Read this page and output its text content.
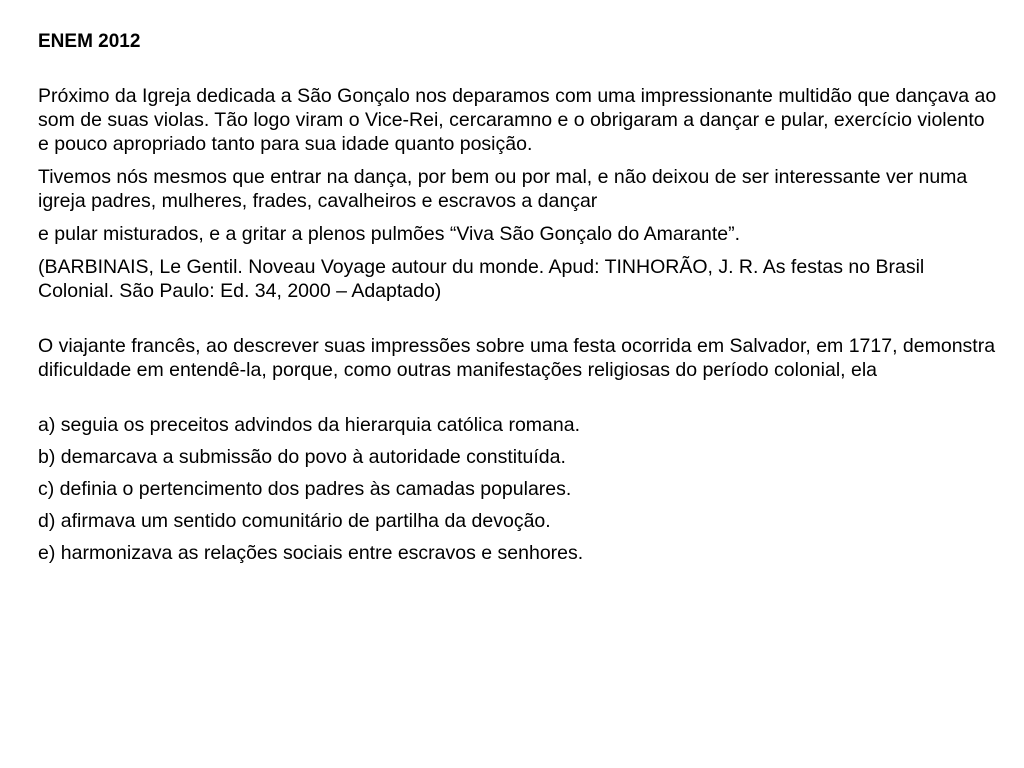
ENEM 2012

Próximo da Igreja dedicada a São Gonçalo nos deparamos com uma impressionante multidão que dançava ao som de suas violas. Tão logo viram o Vice-Rei, cercaramno e o obrigaram a dançar e pular, exercício violento e pouco apropriado tanto para sua idade quanto posição.

Tivemos nós mesmos que entrar na dança, por bem ou por mal, e não deixou de ser interessante ver numa igreja padres, mulheres, frades, cavalheiros e escravos a dançar

e pular misturados, e a gritar a plenos pulmões “Viva São Gonçalo do Amarante”.

(BARBINAIS, Le Gentil. Noveau Voyage autour du monde. Apud: TINHORÃO, J. R. As festas no Brasil Colonial. São Paulo: Ed. 34, 2000 – Adaptado)

O viajante francês, ao descrever suas impressões sobre uma festa ocorrida em Salvador, em 1717, demonstra dificuldade em entendê-la, porque, como outras manifestações religiosas do período colonial, ela

a) seguia os preceitos advindos da hierarquia católica romana.

b) demarcava a submissão do povo à autoridade constituída.

c) definia o pertencimento dos padres às camadas populares.

d) afirmava um sentido comunitário de partilha da devoção.

e) harmonizava as relações sociais entre escravos e senhores.
